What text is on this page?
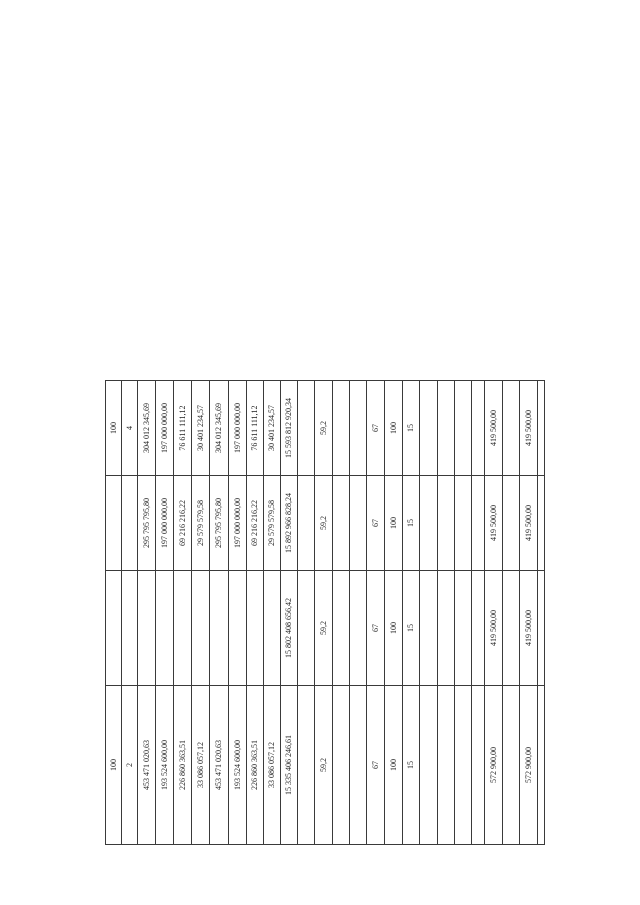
100
100
2
4
453 471 020,63
295 795 795,80
304 012 345,69
193 524 600,00
197 000 000,00
197 000 000,00
226 860 363,51
69 216 216,22
76 611 111,12
33 086 057,12
29 579 579,58
30 401 234,57
453 471 020,63
295 795 795,80
304 012 345,69
193 524 600,00
197 000 000,00
197 000 000,00
226 860 363,51
69 216 216,22
76 611 111,12
33 086 057,12
29 579 579,58
30 401 234,57
15 335 406 246,61
15 802 408 656,42
15 892 966 828,24
15 593 812 920,34
59,2
59,2
59,2
59,2
67
67
67
67
100
100
100
100
15
15
15
15
572 900,00
419 500,00
419 500,00
419 500,00
572 900,00
419 500,00
419 500,00
419 500,00
